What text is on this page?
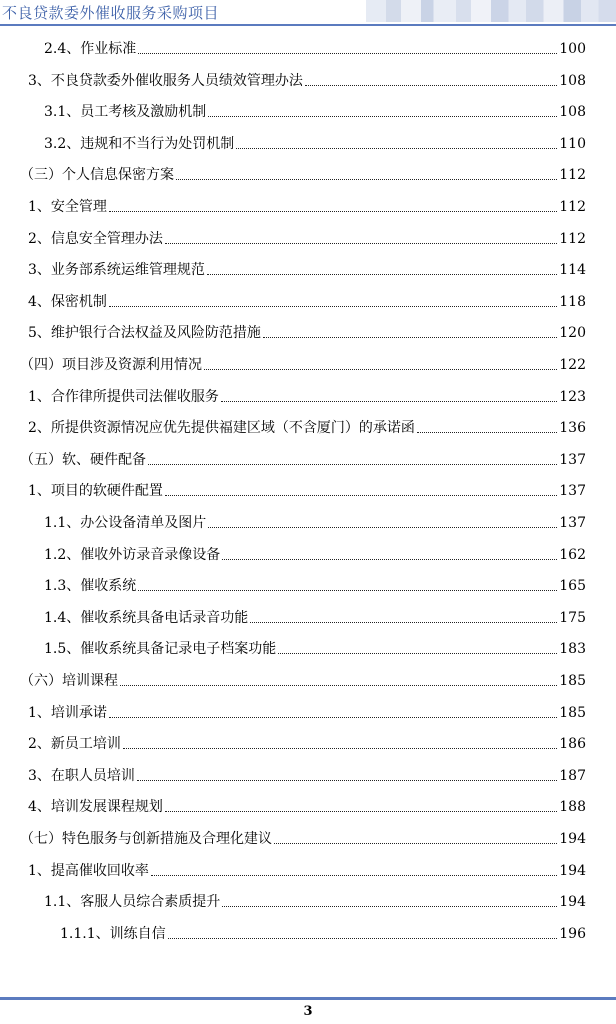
不良贷款委外催收服务采购项目
2.4、作业标准	100
3、不良贷款委外催收服务人员绩效管理办法	108
3.1、员工考核及激励机制	108
3.2、违规和不当行为处罚机制	110
（三）个人信息保密方案	112
1、安全管理	112
2、信息安全管理办法	112
3、业务部系统运维管理规范	114
4、保密机制	118
5、维护银行合法权益及风险防范措施	120
（四）项目涉及资源利用情况	122
1、合作律所提供司法催收服务	123
2、所提供资源情况应优先提供福建区域（不含厦门）的承诺函	136
（五）软、硬件配备	137
1、项目的软硬件配置	137
1.1、办公设备清单及图片	137
1.2、催收外访录音录像设备	162
1.3、催收系统	165
1.4、催收系统具备电话录音功能	175
1.5、催收系统具备记录电子档案功能	183
（六）培训课程	185
1、培训承诺	185
2、新员工培训	186
3、在职人员培训	187
4、培训发展课程规划	188
（七）特色服务与创新措施及合理化建议	194
1、提高催收回收率	194
1.1、客服人员综合素质提升	194
1.1.1、训练自信	196
3
